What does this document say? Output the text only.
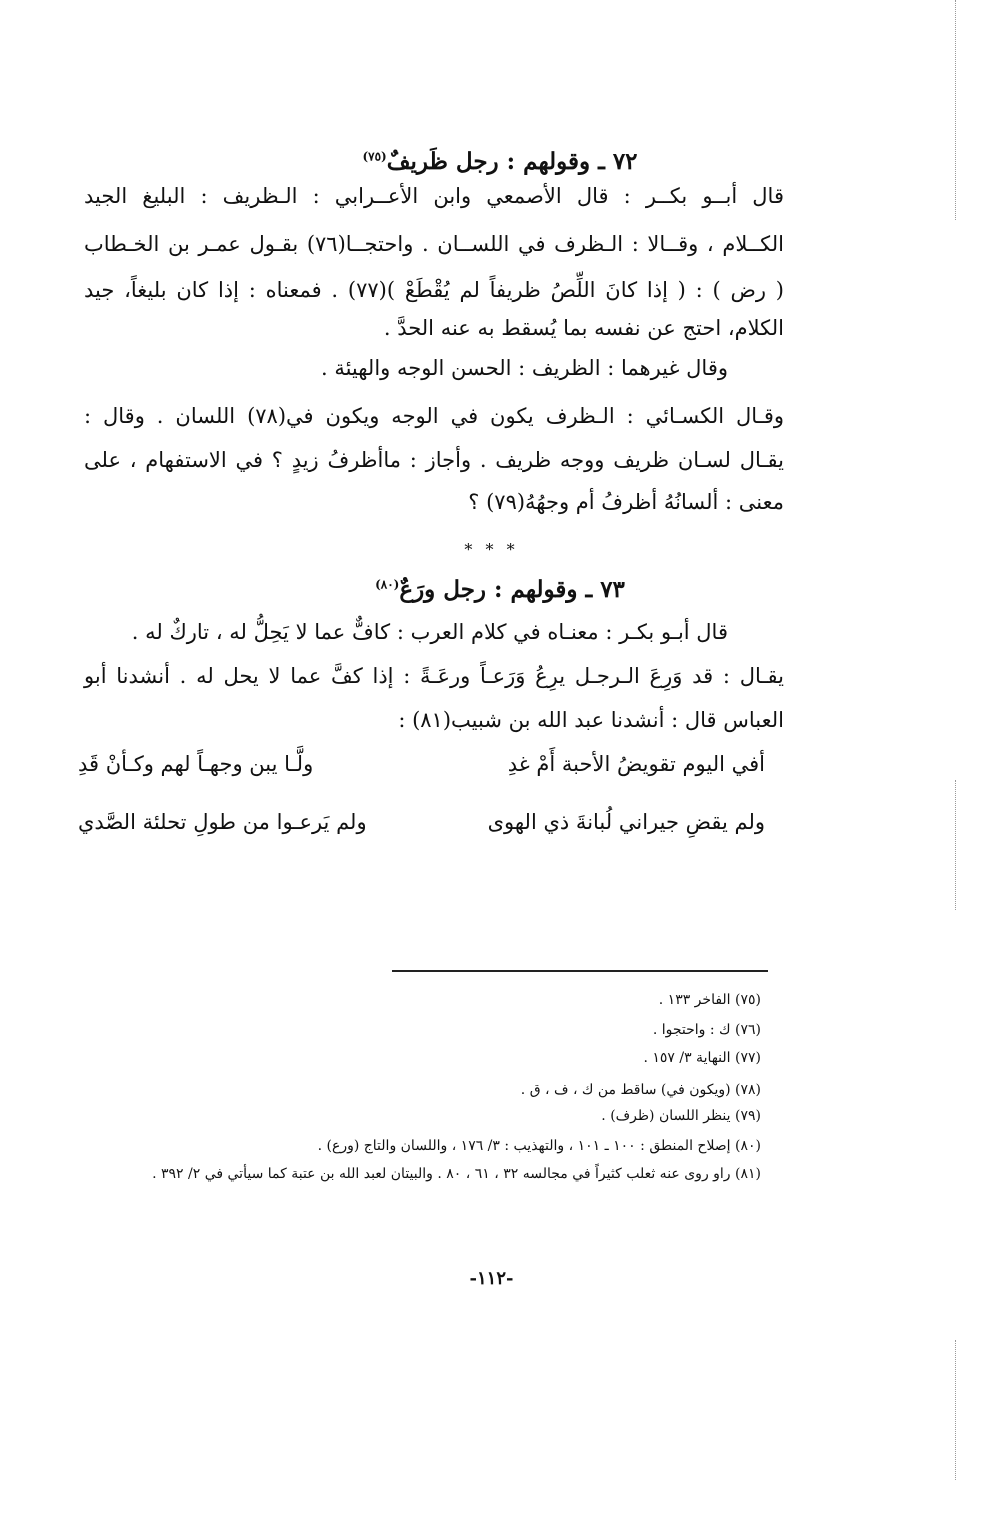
٧٢ ـ وقولهم : رجل ظَريفٌ$^{(٧٥)}$
قال أبــو بكــر : قال الأصمعي وابن الأعــرابي : الـظريف : البليغ الجيد
الكــلام ، وقــالا : الـظرف في اللســان . واحتجــا(٧٦) بقـول عمـر بن الخـطاب
( رض ) : ( إذا كانَ اللِّصُ ظريفاً لم يُقْطَعْ )(٧٧) . فمعناه : إذا كان بليغاً، جيد
الكلام، احتج عن نفسه بما يُسقط به عنه الحدَّ .
وقال غيرهما : الظريف : الحسن الوجه والهيئة .
وقـال الكسـائي : الـظرف يكون في الوجه ويكون في(٧٨) اللسان . وقال :
يقـال لسـان ظريف ووجه ظريف . وأجاز : ماأظرفُ زيدٍ ؟ في الاستفهام ، على
معنى : ألسانُهُ أظرفُ أم وجهُهُ(٧٩) ؟
* * *
٧٣ ـ وقولهم : رجل ورَعٌ$^{(٨٠)}$
قال أبـو بكـر : معنـاه في كلام العرب : كافٌّ عما لا يَحِلُّ له ، تاركٌ له .
يقـال : قد وَرِعَ الـرجـل يرِعُ وَرَعـاً ورعَـةً : إذا كفَّ عما لا يحل له . أنشدنا أبو
العباس قال : أنشدنا عبد الله بن شبيب(٨١) :
أفي اليوم تقويضُ الأحبة أَمْ غدِ
ولَّـا يبن وجهـاً لهم وكـأنْ قَدِ
ولم يقضِ جيراني لُبانةَ ذي الهوى
ولم يَرعـوا من طولِ تحلئة الصَّدي
(٧٥) الفاخر ١٣٣ .
(٧٦) ك : واحتجوا .
(٧٧) النهاية ٣/ ١٥٧ .
(٧٨) (ويكون في) ساقط من ك ، ف ، ق .
(٧٩) ينظر اللسان (ظرف) .
(٨٠) إصلاح المنطق : ١٠٠ ـ ١٠١ ، والتهذيب : ٣/ ١٧٦ ، واللسان والتاج (ورع) .
(٨١) راو روى عنه ثعلب كثيراً في مجالسه ٣٢ ، ٦١ ، ٨٠ . والبيتان لعبد الله بن عتبة كما سيأتي في ٢/ ٣٩٢ .
-١١٢-
